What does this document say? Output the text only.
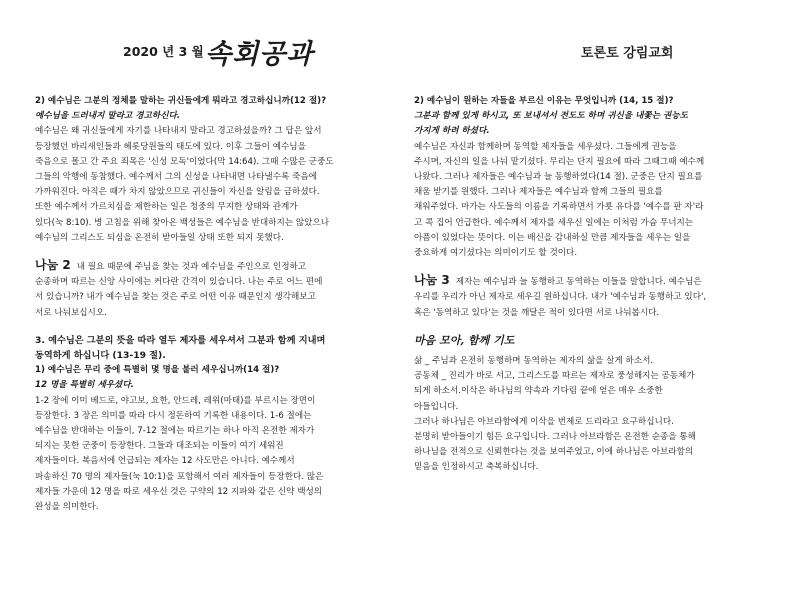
2020 년 3 월 속회공과	토론토 강림교회

2) 예수님은 그분의 정체를 말하는 귀신들에게 뭐라고 경고하십니까(12 절)?

예수님을 드러내지 말라고 경고하신다.

예수님은 왜 귀신들에게 자기를 나타내지 말라고 경고하셨을까? 그 답은 앞서

등장했던 바리새인들과 헤롯당원들의 태도에 있다. 이후 그들이 예수님을

죽음으로 몰고 간 주요 죄목은 '신성 모독'이었다(막 14:64). 그때 수많은 군중도

그들의 악행에 동참했다. 예수께서 그의 신성을 나타내면 나타낼수록 죽음에

가까워진다. 아직은 때가 차지 않았으므로 귀신들이 자신을 알림을 금하셨다.

또한 예수께서 가르치심을 제한하는 일은 청중의 무지한 상태와 관계가

있다(눅 8:10). 병 고침을 위해 찾아온 백성들은 예수님을 반대하지는 않았으나

예수님의 그리스도 되심을 온전히 받아들일 상태 또한 되지 못했다.

나눔 2 내 필요 때문에 주님을 찾는 것과 예수님을 주인으로 인정하고

순종하며 따르는 신앙 사이에는 커다란 간격이 있습니다. 나는 주로 어느 편에

서 있습니까? 내가 예수님을 찾는 것은 주로 어떤 이유 때문인지 생각해보고

서로 나눠보십시오.

3. 예수님은 그분의 뜻을 따라 열두 제자를 세우셔서 그분과 함께 지내며

동역하게 하십니다 (13-19 절).

1) 예수님은 무리 중에 특별히 몇 명을 불러 세우십니까(14 절)?

12 명을 특별히 세우셨다.

1-2 장에 이미 베드로, 야고보, 요한, 안드레, 레위(마태)를 부르시는 장면이

등장한다. 3 장은 의미를 따라 다시 정돈하여 기록한 내용이다. 1-6 절에는

예수님을 반대하는 이들이, 7-12 절에는 따르기는 하나 아직 온전한 제자가

되지는 못한 군중이 등장한다. 그들과 대조되는 이들이 여기 세워진

제자들이다. 복음서에 언급되는 제자는 12 사도만은 아니다. 예수께서

파송하신 70 명의 제자들(눅 10:1)을 포함해서 여러 제자들이 등장한다. 많은

제자들 가운데 12 명을 따로 세우신 것은 구약의 12 지파와 같은 신약 백성의

완성을 의미한다.

2) 예수님이 원하는 자들을 부르신 이유는 무엇입니까 (14, 15 절)?

그분과 함께 있게 하시고, 또 보내셔서 전도도 하며 귀신을 내쫓는 권능도

가지게 하려 하셨다.

예수님은 자신과 함께하며 동역할 제자들을 세우셨다. 그들에게 권능을

주시며, 자신의 일을 나눠 맡기셨다. 무리는 단지 필요에 따라 그때그때 예수께

나왔다. 그러나 제자들은 예수님과 늘 동행하였다(14 절). 군중은 단지 필요를

채움 받기를 원했다. 그러나 제자들은 예수님과 함께 그들의 필요를

채워주었다. 마가는 사도들의 이름을 기록하면서 가룟 유다를 '예수를 판 자'라

고 콕 집어 언급한다. 예수께서 제자를 세우신 일에는 이처럼 가슴 무너지는

아픔이 있었다는 뜻이다. 이는 배신을 감내하실 만큼 제자들을 세우는 일을

중요하게 여기셨다는 의미이기도 할 것이다.

나눔 3 제자는 예수님과 늘 동행하고 동역하는 이들을 말합니다. 예수님은

우리를 우리가 아닌 제자로 세우길 원하십니다. 내가 '예수님과 동행하고 있다',

혹은 '동역하고 있다'는 것을 깨달은 적이 있다면 서로 나눠봅시다.

마음 모아, 함께 기도

삶 _ 주님과 온전히 동행하며 동역하는 제자의 삶을 살게 하소서.

공동체 _ 진리가 바로 서고, 그리스도를 따르는 제자로 풍성해지는 공동체가

되게 하소서.이삭은 하나님의 약속과 기다림 끝에 얻은 매우 소중한

아들입니다.

그러나 하나님은 아브라함에게 이삭을 번제로 드리라고 요구하십니다.

분명히 받아들이기 힘든 요구입니다. 그러나 아브라함은 온전한 순종을 통해

하나님을 전적으로 신뢰한다는 것을 보여주었고, 이에 하나님은 아브라함의

믿음을 인정하시고 축복하십니다.
